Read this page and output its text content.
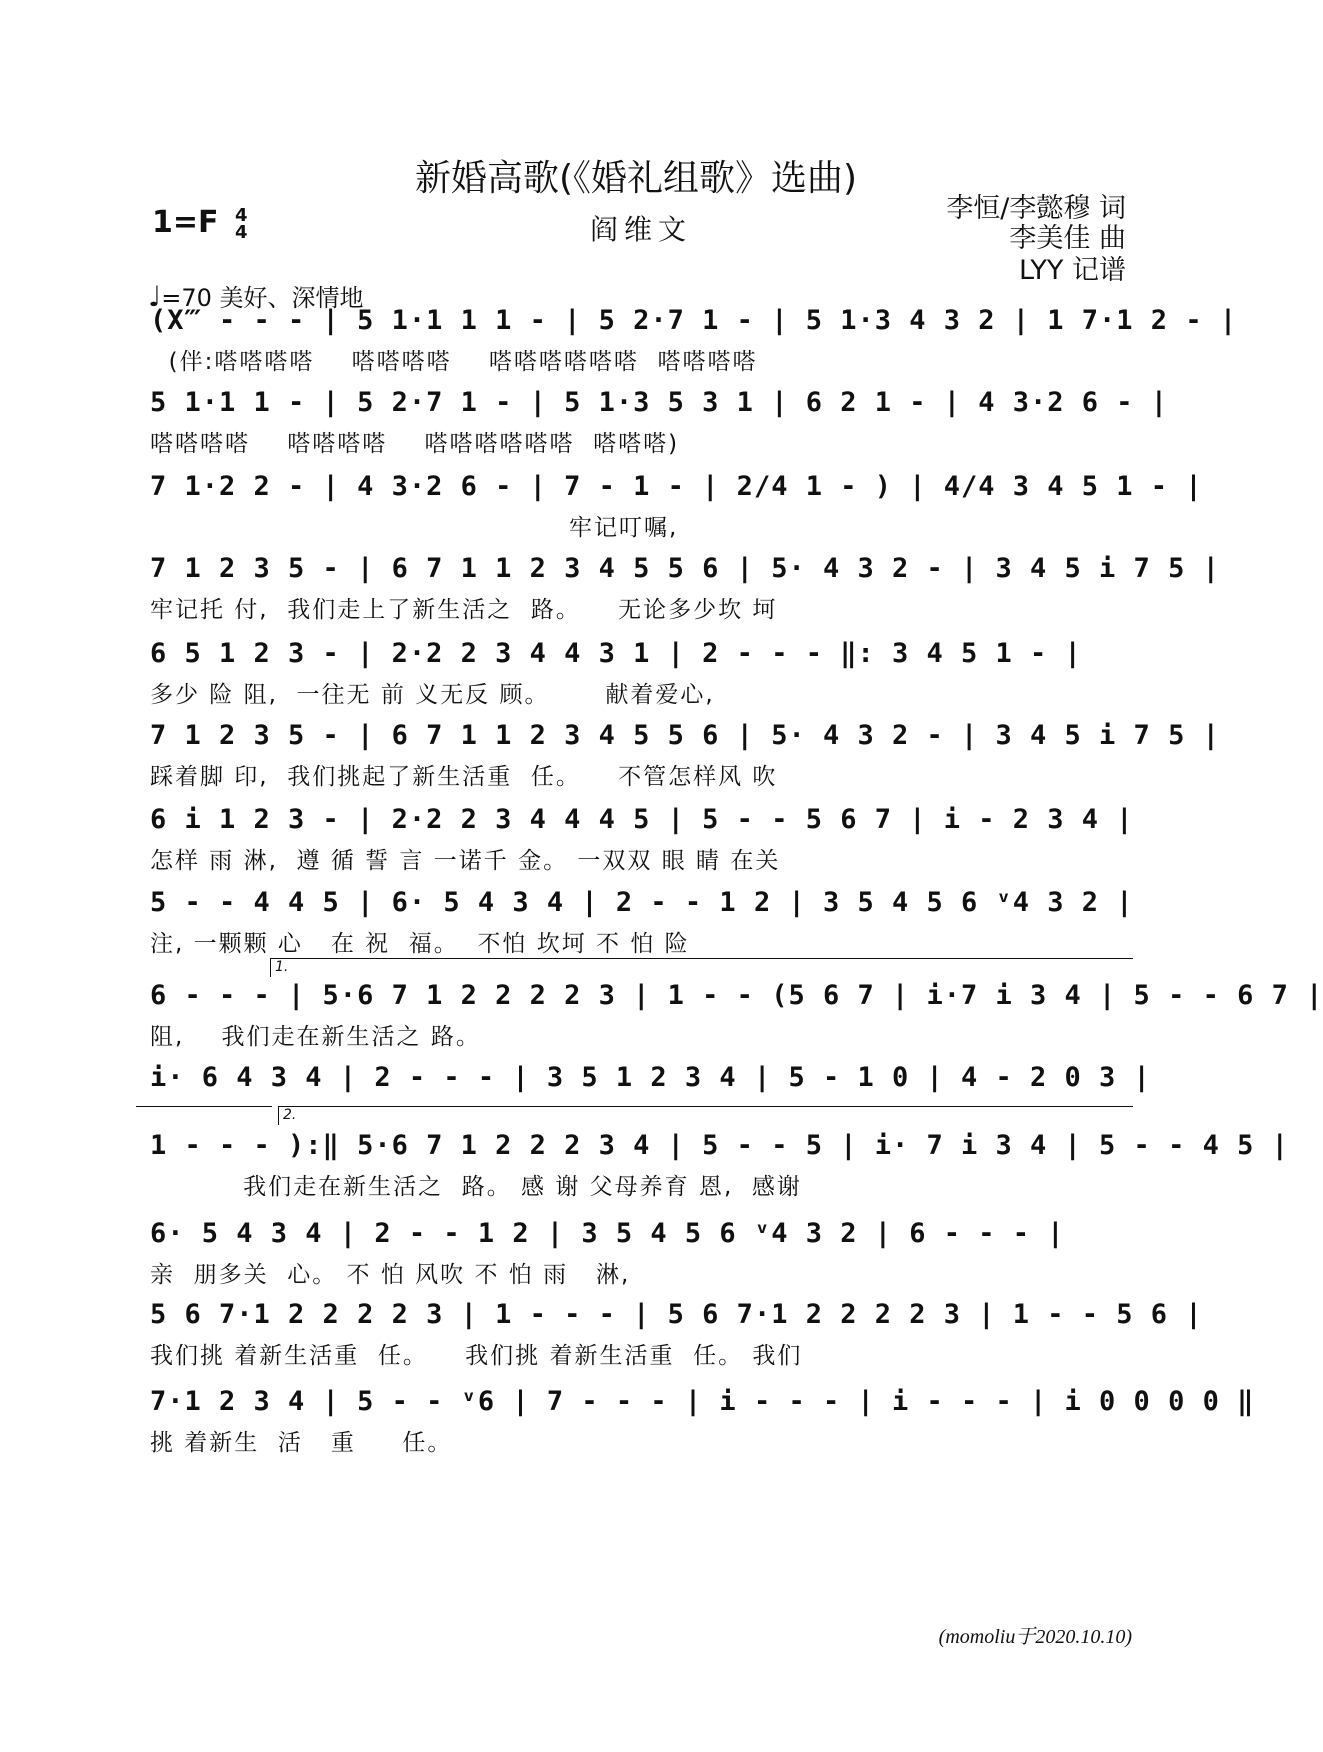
新婚高歌(《婚礼组歌》选曲)
1=F 4
4	阎维文
李恒/李懿穆 词
李美佳 曲
LYY 记谱
♩=70 美好、深情地
(X‴ - - - | 5 1·1 1 1 - | 5 2·7 1 - | 5 1·3 4 3 2 | 1 7·1 2 - |
(伴:嗒嗒嗒嗒    嗒嗒嗒嗒    嗒嗒嗒嗒嗒嗒  嗒嗒嗒嗒
5 1·1 1 - | 5 2·7 1 - | 5 1·3 5 3 1 | 6 2 1 - | 4 3·2 6 - |
嗒嗒嗒嗒    嗒嗒嗒嗒    嗒嗒嗒嗒嗒嗒  嗒嗒嗒)
7 1·2 2 - | 4 3·2 6 - | 7 - 1 - | 2/4 1 - ) | 4/4 3 4 5 1 - |
牢记叮嘱,
7 1 2 3 5 - | 6 7 1 1 2 3 4 5 5 6 | 5· 4 3 2 - | 3 4 5 i 7 5 |
牢记托 付,  我们走上了新生活之  路。    无论多少坎 坷
6 5 1 2 3 - | 2·2 2 3 4 4 3 1 | 2 - - - ‖: 3 4 5 1 - |
多少 险 阻,  一往无 前 义无反 顾。      献着爱心,
7 1 2 3 5 - | 6 7 1 1 2 3 4 5 5 6 | 5· 4 3 2 - | 3 4 5 i 7 5 |
踩着脚 印,  我们挑起了新生活重  任。    不管怎样风 吹
6 i 1 2 3 - | 2·2 2 3 4 4 4 5 | 5 - - 5 6 7 | i - 2 3 4 |
怎样 雨 淋,  遵 循 誓 言 一诺千 金。 一双双 眼 睛 在关
5 - - 4 4 5 | 6· 5 4 3 4 | 2 - - 1 2 | 3 5 4 5 6 ᵛ4 3 2 |
注, 一颗颗 心   在 祝  福。  不怕 坎坷 不 怕 险
1.
6 - - - | 5·6 7 1 2 2 2 2 3 | 1 - - (5 6 7 | i·7 i 3 4 | 5 - - 6 7 |
阻,    我们走在新生活之 路。
i· 6 4 3 4 | 2 - - - | 3 5 1 2 3 4 | 5 - 1 0 | 4 - 2 0 3 |
2.
1 - - - ):‖ 5·6 7 1 2 2 2 3 4 | 5 - - 5 | i· 7 i 3 4 | 5 - - 4 5 |
我们走在新生活之  路。 感 谢 父母养育 恩,  感谢
6· 5 4 3 4 | 2 - - 1 2 | 3 5 4 5 6 ᵛ4 3 2 | 6 - - - |
亲  朋多关  心。 不 怕 风吹 不 怕 雨   淋,
5 6 7·1 2 2 2 2 3 | 1 - - - | 5 6 7·1 2 2 2 2 3 | 1 - - 5 6 |
我们挑 着新生活重  任。    我们挑 着新生活重  任。 我们
7·1 2 3 4 | 5 - - ᵛ6 | 7 - - - | i - - - | i - - - | i 0 0 0 0 ‖
挑 着新生  活   重     任。
(momoliu于2020.10.10)
